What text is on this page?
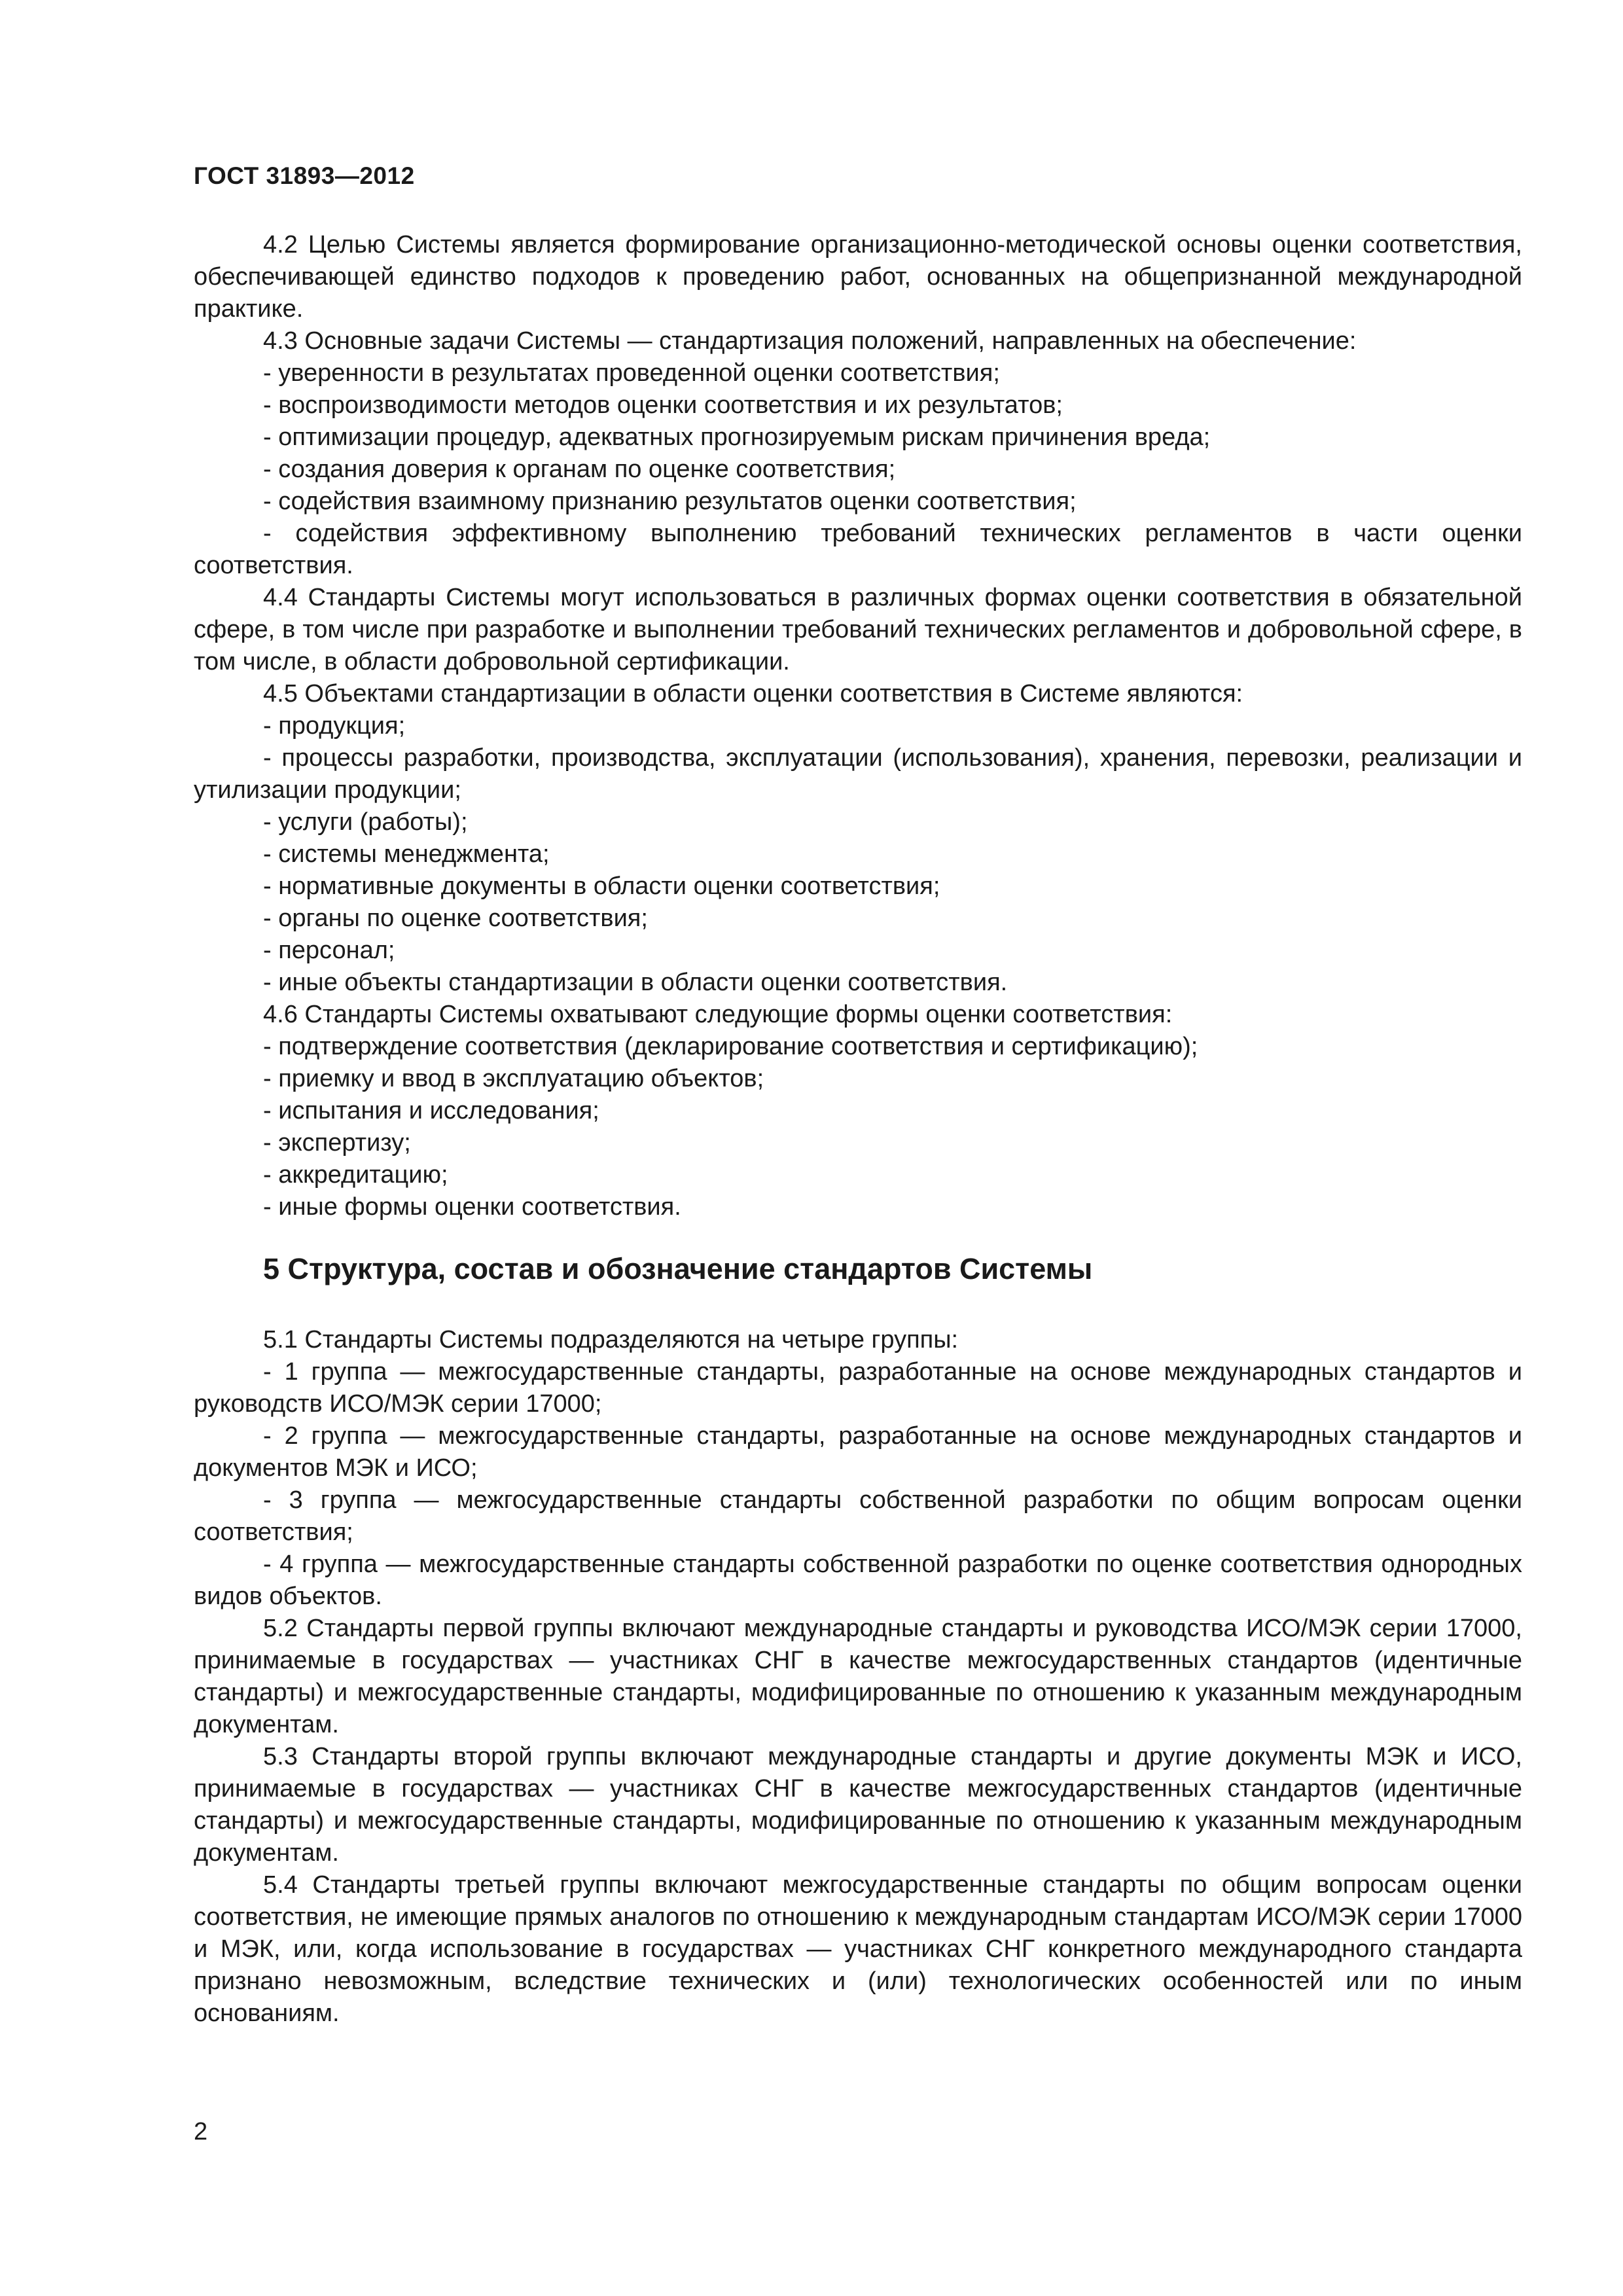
ГОСТ 31893—2012

4.2 Целью Системы является формирование организационно-методической основы оценки соответствия, обеспечивающей единство подходов к проведению работ, основанных на общепризнанной международной практике.

4.3 Основные задачи Системы — стандартизация положений, направленных на обеспечение:

- уверенности в результатах проведенной оценки соответствия;

- воспроизводимости методов оценки соответствия и их результатов;

- оптимизации процедур, адекватных прогнозируемым рискам причинения вреда;

- создания доверия к органам по оценке соответствия;

- содействия взаимному признанию результатов оценки соответствия;

- содействия эффективному выполнению требований технических регламентов в части оценки соответствия.

4.4 Стандарты Системы могут использоваться в различных формах оценки соответствия в обязательной сфере, в том числе при разработке и выполнении требований технических регламентов и добровольной сфере, в том числе, в области добровольной сертификации.

4.5 Объектами стандартизации в области оценки соответствия в Системе являются:

- продукция;

- процессы разработки, производства, эксплуатации (использования), хранения, перевозки, реализации и утилизации продукции;

- услуги (работы);

- системы менеджмента;

- нормативные документы в области оценки соответствия;

- органы по оценке соответствия;

- персонал;

- иные объекты стандартизации в области оценки соответствия.

4.6 Стандарты Системы охватывают следующие формы оценки соответствия:

- подтверждение соответствия (декларирование соответствия и сертификацию);

- приемку и ввод в эксплуатацию объектов;

- испытания и исследования;

- экспертизу;

- аккредитацию;

- иные формы оценки соответствия.

5 Структура, состав и обозначение стандартов Системы

5.1 Стандарты Системы подразделяются на четыре группы:

- 1 группа — межгосударственные стандарты, разработанные на основе международных стандартов и руководств ИСО/МЭК серии 17000;

- 2 группа — межгосударственные стандарты, разработанные на основе международных стандартов и документов МЭК и ИСО;

- 3 группа — межгосударственные стандарты собственной разработки по общим вопросам оценки соответствия;

- 4 группа — межгосударственные стандарты собственной разработки по оценке соответствия однородных видов объектов.

5.2 Стандарты первой группы включают международные стандарты и руководства ИСО/МЭК серии 17000, принимаемые в государствах — участниках СНГ в качестве межгосударственных стандартов (идентичные стандарты) и межгосударственные стандарты, модифицированные по отношению к указанным международным документам.

5.3 Стандарты второй группы включают международные стандарты и другие документы МЭК и ИСО, принимаемые в государствах — участниках СНГ в качестве межгосударственных стандартов (идентичные стандарты) и межгосударственные стандарты, модифицированные по отношению к указанным международным документам.

5.4 Стандарты третьей группы включают межгосударственные стандарты по общим вопросам оценки соответствия, не имеющие прямых аналогов по отношению к международным стандартам ИСО/МЭК серии 17000 и МЭК, или, когда использование в государствах — участниках СНГ конкретного международного стандарта признано невозможным, вследствие технических и (или) технологических особенностей или по иным основаниям.

2
